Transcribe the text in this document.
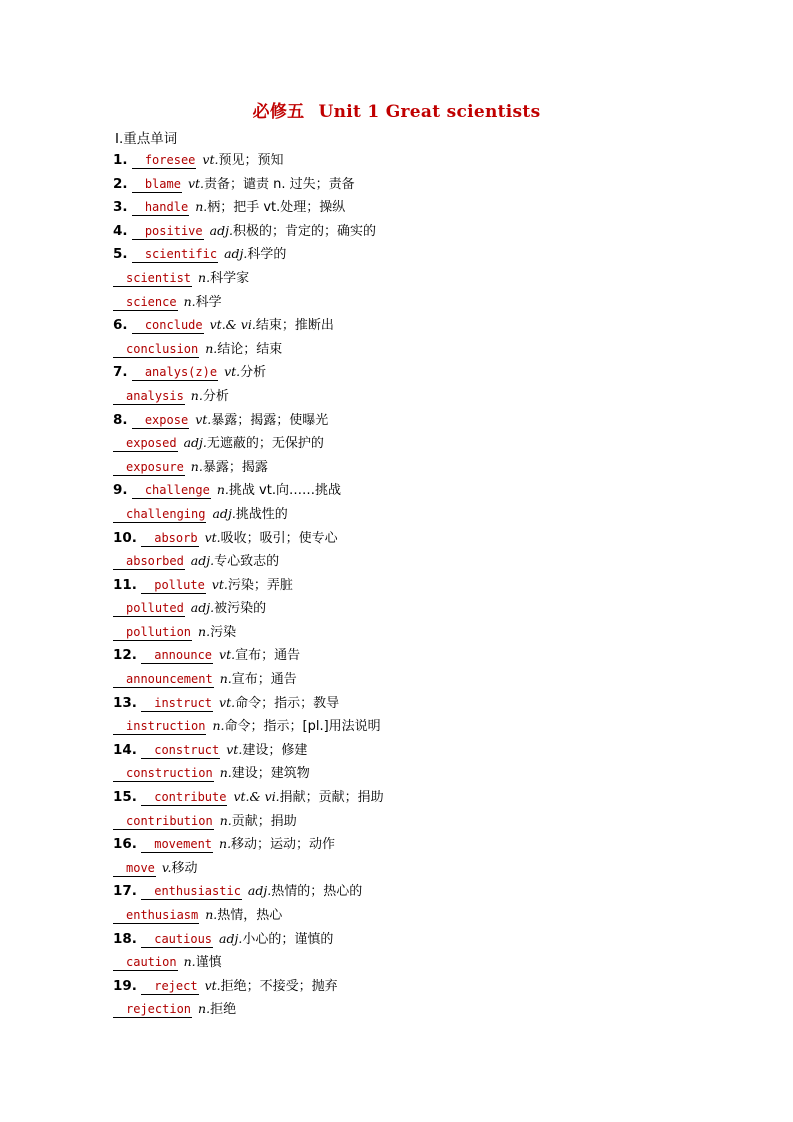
必修五 Unit 1 Great scientists
Ⅰ.重点单词
1. foresee vt.预见；预知
2. blame vt.责备；谴责 n. 过失；责备
3. handle n.柄；把手 vt.处理；操纵
4. positive adj.积极的；肯定的；确实的
5. scientific adj.科学的
scientist n.科学家
science n.科学
6. conclude vt.& vi.结束；推断出
conclusion n.结论；结束
7. analys(z)e vt.分析
analysis n.分析
8. expose vt.暴露；揭露；使曝光
exposed adj.无遮蔽的；无保护的
exposure n.暴露；揭露
9. challenge n.挑战 vt.向……挑战
challenging adj.挑战性的
10. absorb vt.吸收；吸引；使专心
absorbed adj.专心致志的
11. pollute vt.污染；弄脏
polluted adj.被污染的
pollution n.污染
12. announce vt.宣布；通告
announcement n.宣布；通告
13. instruct vt.命令；指示；教导
instruction n.命令；指示；[pl.]用法说明
14. construct vt.建设；修建
construction n.建设；建筑物
15. contribute vt.& vi.捐献；贡献；捐助
contribution n.贡献；捐助
16. movement n.移动；运动；动作
move v.移动
17. enthusiastic adj.热情的；热心的
enthusiasm n.热情，热心
18. cautious adj.小心的；谨慎的
caution n.谨慎
19. reject vt.拒绝；不接受；抛弃
rejection n.拒绝
